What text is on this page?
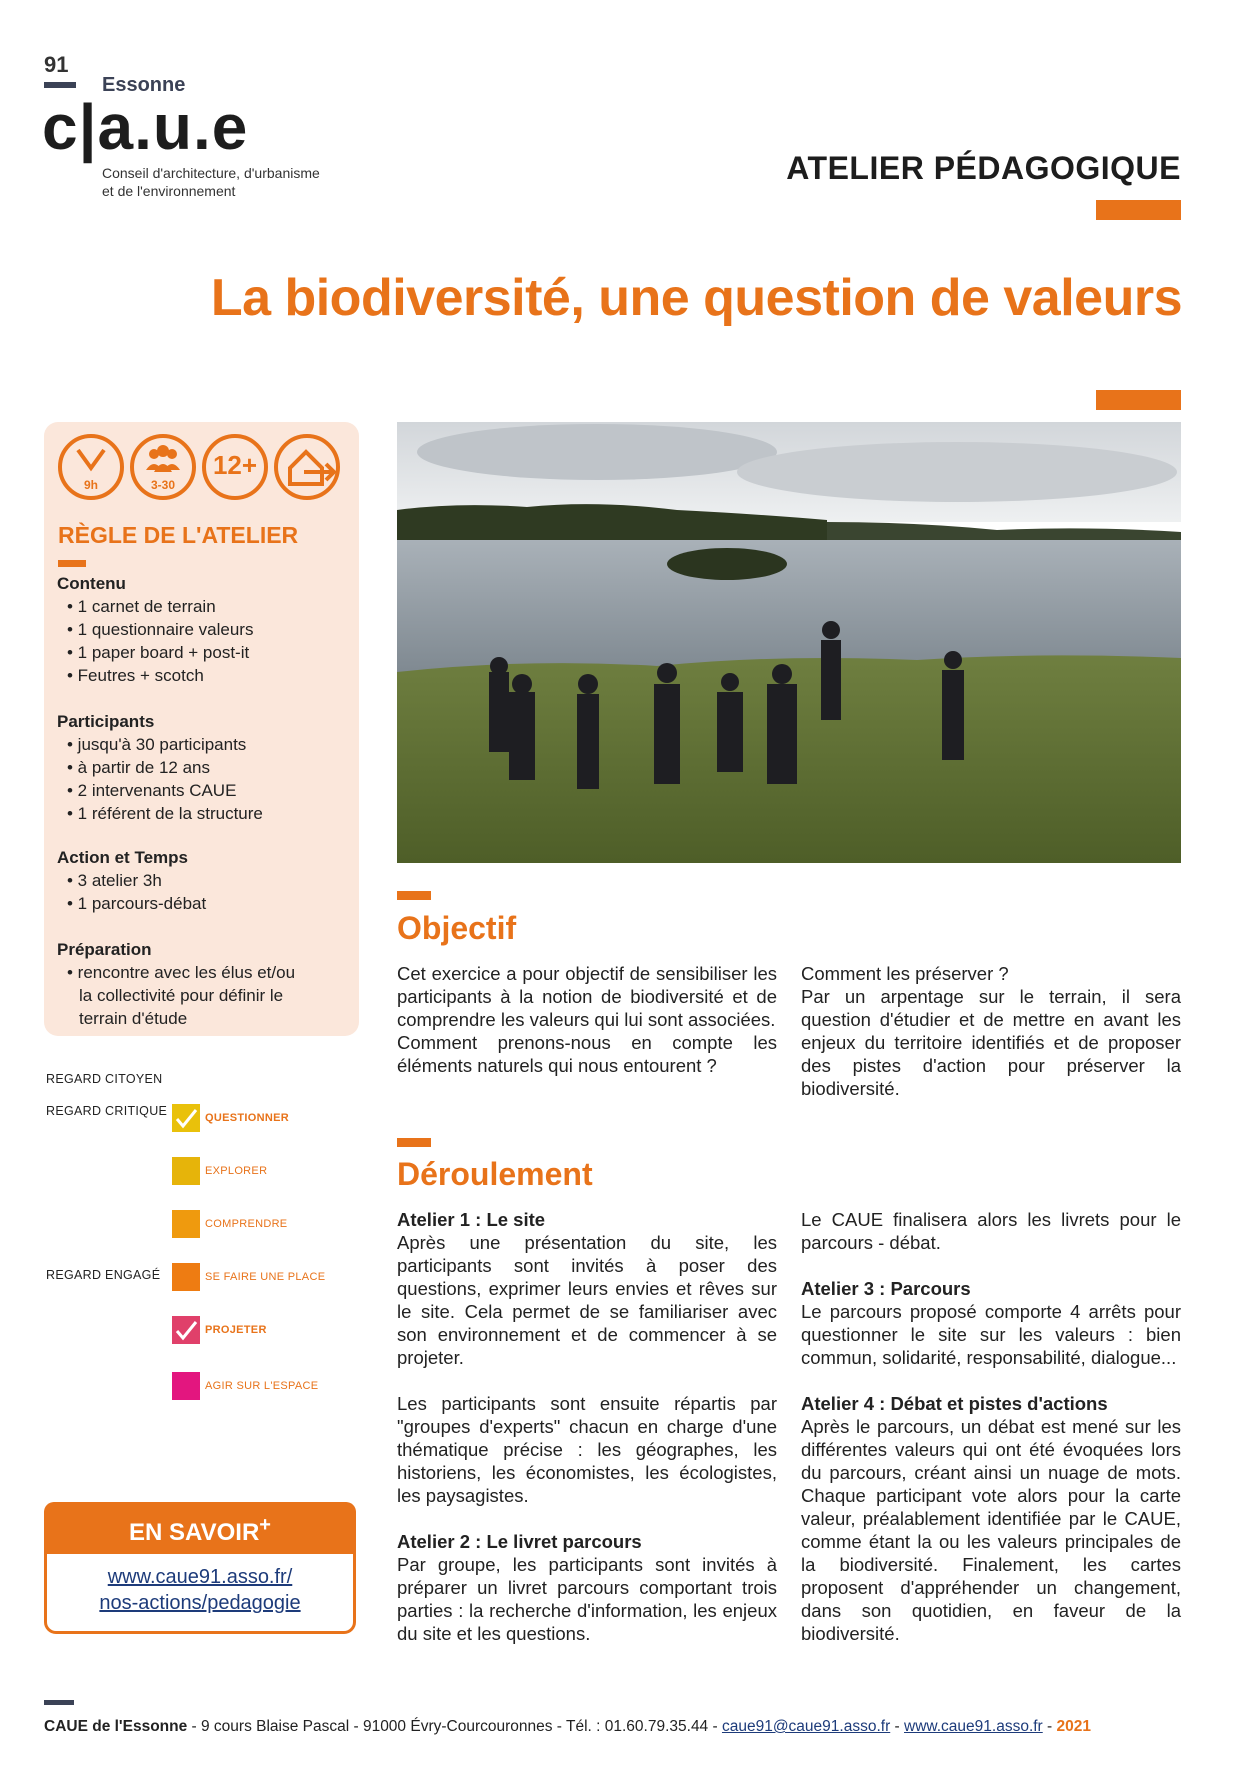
91
Essonne
c|a.u.e
Conseil d'architecture, d'urbanisme
et de l'environnement
ATELIER PÉDAGOGIQUE
La biodiversité, une question de valeurs
9h	3-30
12+
RÈGLE DE L'ATELIER
Contenu
• 1 carnet de terrain
• 1 questionnaire valeurs
• 1 paper board + post-it
• Feutres + scotch
Participants
• jusqu'à 30 participants
• à partir de 12 ans
• 2 intervenants CAUE
• 1 référent de la structure
Action et Temps
• 3 atelier 3h
• 1 parcours-débat
Préparation
• rencontre avec les élus et/ou
la collectivité pour définir le
terrain d'étude
REGARD CITOYEN
REGARD CRITIQUE
REGARD ENGAGÉ
QUESTIONNER
EXPLORER
COMPRENDRE
SE FAIRE UNE PLACE
PROJETER
AGIR SUR L'ESPACE
EN SAVOIR+
www.caue91.asso.fr/
nos-actions/pedagogie
Objectif

Cet exercice a pour objectif de sensibiliser les participants à la notion de biodiversité et de comprendre les valeurs qui lui sont associées.

Comment prenons-nous en compte les éléments naturels qui nous entourent ?

Comment les préserver ?

Par un arpentage sur le terrain, il sera question d'étudier et de mettre en avant les enjeux du territoire identifiés et de proposer des pistes d'action pour préserver la biodiversité.

Déroulement

Atelier 1 : Le site

Après une présentation du site, les participants sont invités à poser des questions, exprimer leurs envies et rêves sur le site. Cela permet de se familiariser avec son environnement et de commencer à se projeter.

Les participants sont ensuite répartis par "groupes d'experts" chacun en charge d'une thématique précise : les géographes, les historiens, les économistes, les écologistes, les paysagistes.

Atelier 2 : Le livret parcours

Par groupe, les participants sont invités à préparer un livret parcours comportant trois parties : la recherche d'information, les enjeux du site et les questions.

Le CAUE finalisera alors les livrets pour le parcours - débat.

Atelier 3 : Parcours

Le parcours proposé comporte 4 arrêts pour questionner le site sur les valeurs : bien commun, solidarité, responsabilité, dialogue...

Atelier 4 : Débat et pistes d'actions

Après le parcours, un débat est mené sur les différentes valeurs qui ont été évoquées lors du parcours, créant ainsi un nuage de mots. Chaque participant vote alors pour la carte valeur, préalablement identifiée par le CAUE, comme étant la ou les valeurs principales de la biodiversité. Finalement, les cartes proposent d'appréhender un changement, dans son quotidien, en faveur de la biodiversité.

CAUE de l'Essonne - 9 cours Blaise Pascal - 91000 Évry-Courcouronnes - Tél. : 01.60.79.35.44 - caue91@caue91.asso.fr - www.caue91.asso.fr - 2021
